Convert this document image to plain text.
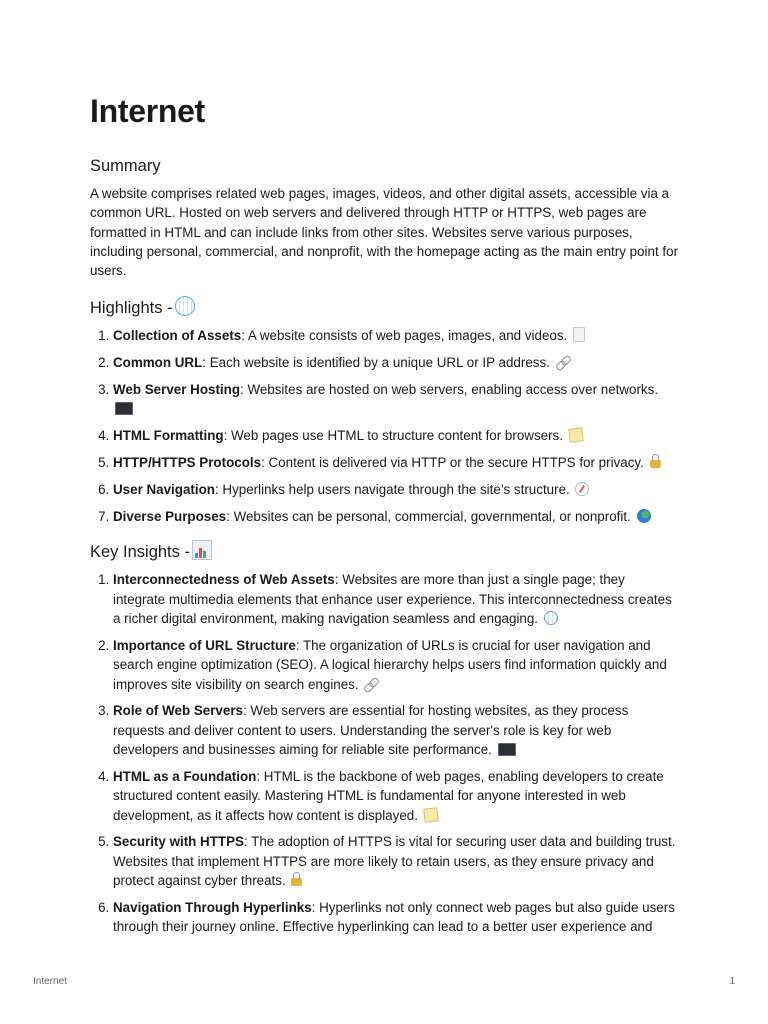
Internet
Summary

A website comprises related web pages, images, videos, and other digital assets, accessible via a common URL. Hosted on web servers and delivered through HTTP or HTTPS, web pages are formatted in HTML and can include links from other sites. Websites serve various purposes, including personal, commercial, and nonprofit, with the homepage acting as the main entry point for users.

Highlights -
1. Collection of Assets: A website consists of web pages, images, and videos.
2. Common URL: Each website is identified by a unique URL or IP address.
3. Web Server Hosting: Websites are hosted on web servers, enabling access over networks.
4. HTML Formatting: Web pages use HTML to structure content for browsers.
5. HTTP/HTTPS Protocols: Content is delivered via HTTP or the secure HTTPS for privacy.
6. User Navigation: Hyperlinks help users navigate through the site’s structure.
7. Diverse Purposes: Websites can be personal, commercial, governmental, or nonprofit.
Key Insights -
1. Interconnectedness of Web Assets: Websites are more than just a single page; they integrate multimedia elements that enhance user experience. This interconnectedness creates a richer digital environment, making navigation seamless and engaging.
2. Importance of URL Structure: The organization of URLs is crucial for user navigation and search engine optimization (SEO). A logical hierarchy helps users find information quickly and improves site visibility on search engines.
3. Role of Web Servers: Web servers are essential for hosting websites, as they process requests and deliver content to users. Understanding the server's role is key for web developers and businesses aiming for reliable site performance.
4. HTML as a Foundation: HTML is the backbone of web pages, enabling developers to create structured content easily. Mastering HTML is fundamental for anyone interested in web development, as it affects how content is displayed.
5. Security with HTTPS: The adoption of HTTPS is vital for securing user data and building trust. Websites that implement HTTPS are more likely to retain users, as they ensure privacy and protect against cyber threats.
6. Navigation Through Hyperlinks: Hyperlinks not only connect web pages but also guide users through their journey online. Effective hyperlinking can lead to a better user experience and
Internet	1
